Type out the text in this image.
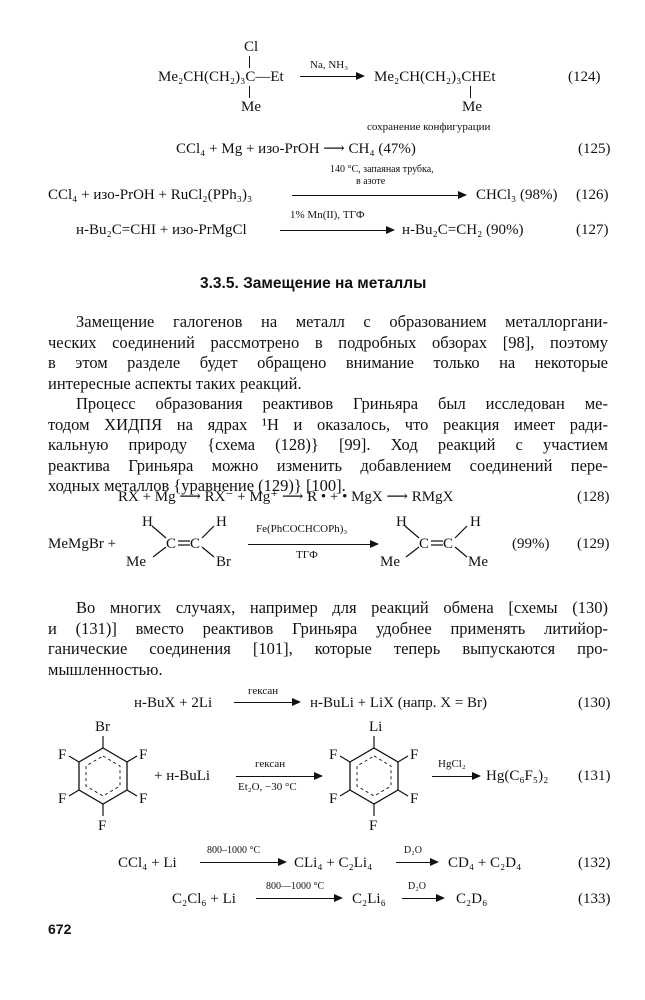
Cl
Me₂CH(CH₂)₃C—Et
Me
Na, NH₃
Me₂CH(CH₂)₃CHEt
Me
сохранение конфигурации
(124)
CCl₄ + Mg + изо-PrOH ⟶ CH₄ (47%)	(125)
140 °С, запаяная трубка,
в азоте
CCl₄ + изо-PrOH + RuCl₂(PPh₃)₃	CHCl₃ (98%) (126)
1% Mn(II), ТГФ
н-Bu₂C=CHI + изо-PrMgCl	н-Bu₂C=CH₂ (90%)	(127)
3.3.5. Замещение на металлы
Замещение галогенов на металл с образованием металлоргани-
ческих соединений рассмотрено в подробных обзорах [98], поэтому
в этом разделе будет обращено внимание только на некоторые
интересные аспекты таких реакций.
Процесс образования реактивов Гриньяра был исследован ме-
тодом ХИДПЯ на ядрах ¹H и оказалось, что реакция имеет ради-
кальную природу {схема (128)} [99]. Ход реакций с участием
реактива Гриньяра можно изменить добавлением соединений пере-
ходных металлов {уравнение (129)} [100].
RX + Mg ⟶ RX⁻ + Mg⁺ ⟶ R • + • MgX ⟶ RMgX	(128)
MeMgBr +
H	H
C C
Me	Br
Fe(PhCOCHCOPh)₃
ТГФ
H	H
C C
Me	Me
(99%) (129)
Во многих случаях, например для реакций обмена [схемы (130)
и (131)] вместо реактивов Гриньяра удобнее применять литийор-
ганические соединения [101], которые теперь выпускаются про-
мышленностью.
гексан
н-BuX + 2Li	н-BuLi + LiX (напр. X = Br)	(130)
Br
F
F
F
F
F
+ н-BuLi
гексан
Et₂O, −30 °C
Li
F
F
F
F
F
HgCl₂
Hg(C₆F₅)₂ (131)
800–1000 °C
CCl₄ + Li	CLi₄ + C₂Li₄
D₂O
CD₄ + C₂D₄	(132)
800—1000 °C
C₂Cl₆ + Li	C₂Li₆
D₂O
C₂D₆	(133)
672
